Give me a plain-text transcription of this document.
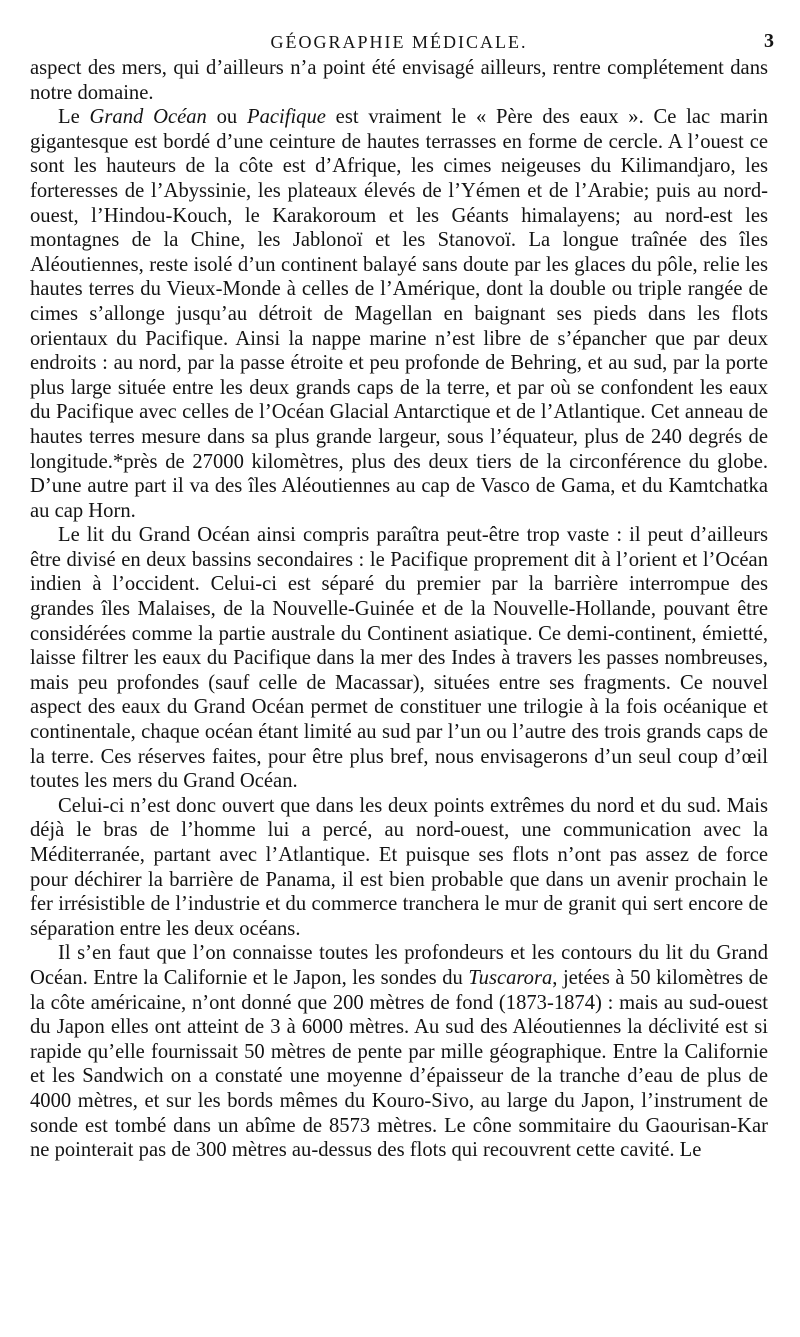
GÉOGRAPHIE MÉDICALE.	3

aspect des mers, qui d’ailleurs n’a point été envisagé ailleurs, rentre complétement dans notre domaine.

Le Grand Océan ou Pacifique est vraiment le « Père des eaux ». Ce lac marin gigantesque est bordé d’une ceinture de hautes terrasses en forme de cercle. A l’ouest ce sont les hauteurs de la côte est d’Afrique, les cimes neigeuses du Kilimandjaro, les forteresses de l’Abyssinie, les plateaux élevés de l’Yémen et de l’Arabie; puis au nord-ouest, l’Hindou-Kouch, le Karakoroum et les Géants himalayens; au nord-est les montagnes de la Chine, les Jablonoï et les Stanovoï. La longue traînée des îles Aléoutiennes, reste isolé d’un continent balayé sans doute par les glaces du pôle, relie les hautes terres du Vieux-Monde à celles de l’Amérique, dont la double ou triple rangée de cimes s’allonge jusqu’au détroit de Magellan en baignant ses pieds dans les flots orientaux du Pacifique. Ainsi la nappe marine n’est libre de s’épancher que par deux endroits : au nord, par la passe étroite et peu profonde de Behring, et au sud, par la porte plus large située entre les deux grands caps de la terre, et par où se confondent les eaux du Pacifique avec celles de l’Océan Glacial Antarctique et de l’Atlantique. Cet anneau de hautes terres mesure dans sa plus grande largeur, sous l’équateur, plus de 240 degrés de longitude.*près de 27000 kilomètres, plus des deux tiers de la circonférence du globe. D’une autre part il va des îles Aléoutiennes au cap de Vasco de Gama, et du Kamtchatka au cap Horn.

Le lit du Grand Océan ainsi compris paraîtra peut-être trop vaste : il peut d’ailleurs être divisé en deux bassins secondaires : le Pacifique proprement dit à l’orient et l’Océan indien à l’occident. Celui-ci est séparé du premier par la barrière interrompue des grandes îles Malaises, de la Nouvelle-Guinée et de la Nouvelle-Hollande, pouvant être considérées comme la partie australe du Continent asiatique. Ce demi-continent, émietté, laisse filtrer les eaux du Pacifique dans la mer des Indes à travers les passes nombreuses, mais peu profondes (sauf celle de Macassar), situées entre ses fragments. Ce nouvel aspect des eaux du Grand Océan permet de constituer une trilogie à la fois océanique et continentale, chaque océan étant limité au sud par l’un ou l’autre des trois grands caps de la terre. Ces réserves faites, pour être plus bref, nous envisagerons d’un seul coup d’œil toutes les mers du Grand Océan.

Celui-ci n’est donc ouvert que dans les deux points extrêmes du nord et du sud. Mais déjà le bras de l’homme lui a percé, au nord-ouest, une communication avec la Méditerranée, partant avec l’Atlantique. Et puisque ses flots n’ont pas assez de force pour déchirer la barrière de Panama, il est bien probable que dans un avenir prochain le fer irrésistible de l’industrie et du commerce tranchera le mur de granit qui sert encore de séparation entre les deux océans.

Il s’en faut que l’on connaisse toutes les profondeurs et les contours du lit du Grand Océan. Entre la Californie et le Japon, les sondes du Tuscarora, jetées à 50 kilomètres de la côte américaine, n’ont donné que 200 mètres de fond (1873-1874) : mais au sud-ouest du Japon elles ont atteint de 3 à 6000 mètres. Au sud des Aléoutiennes la déclivité est si rapide qu’elle fournissait 50 mètres de pente par mille géographique. Entre la Californie et les Sandwich on a constaté une moyenne d’épaisseur de la tranche d’eau de plus de 4000 mètres, et sur les bords mêmes du Kouro-Sivo, au large du Japon, l’instrument de sonde est tombé dans un abîme de 8573 mètres. Le cône sommitaire du Gaourisan-Kar ne pointerait pas de 300 mètres au-dessus des flots qui recouvrent cette cavité. Le
